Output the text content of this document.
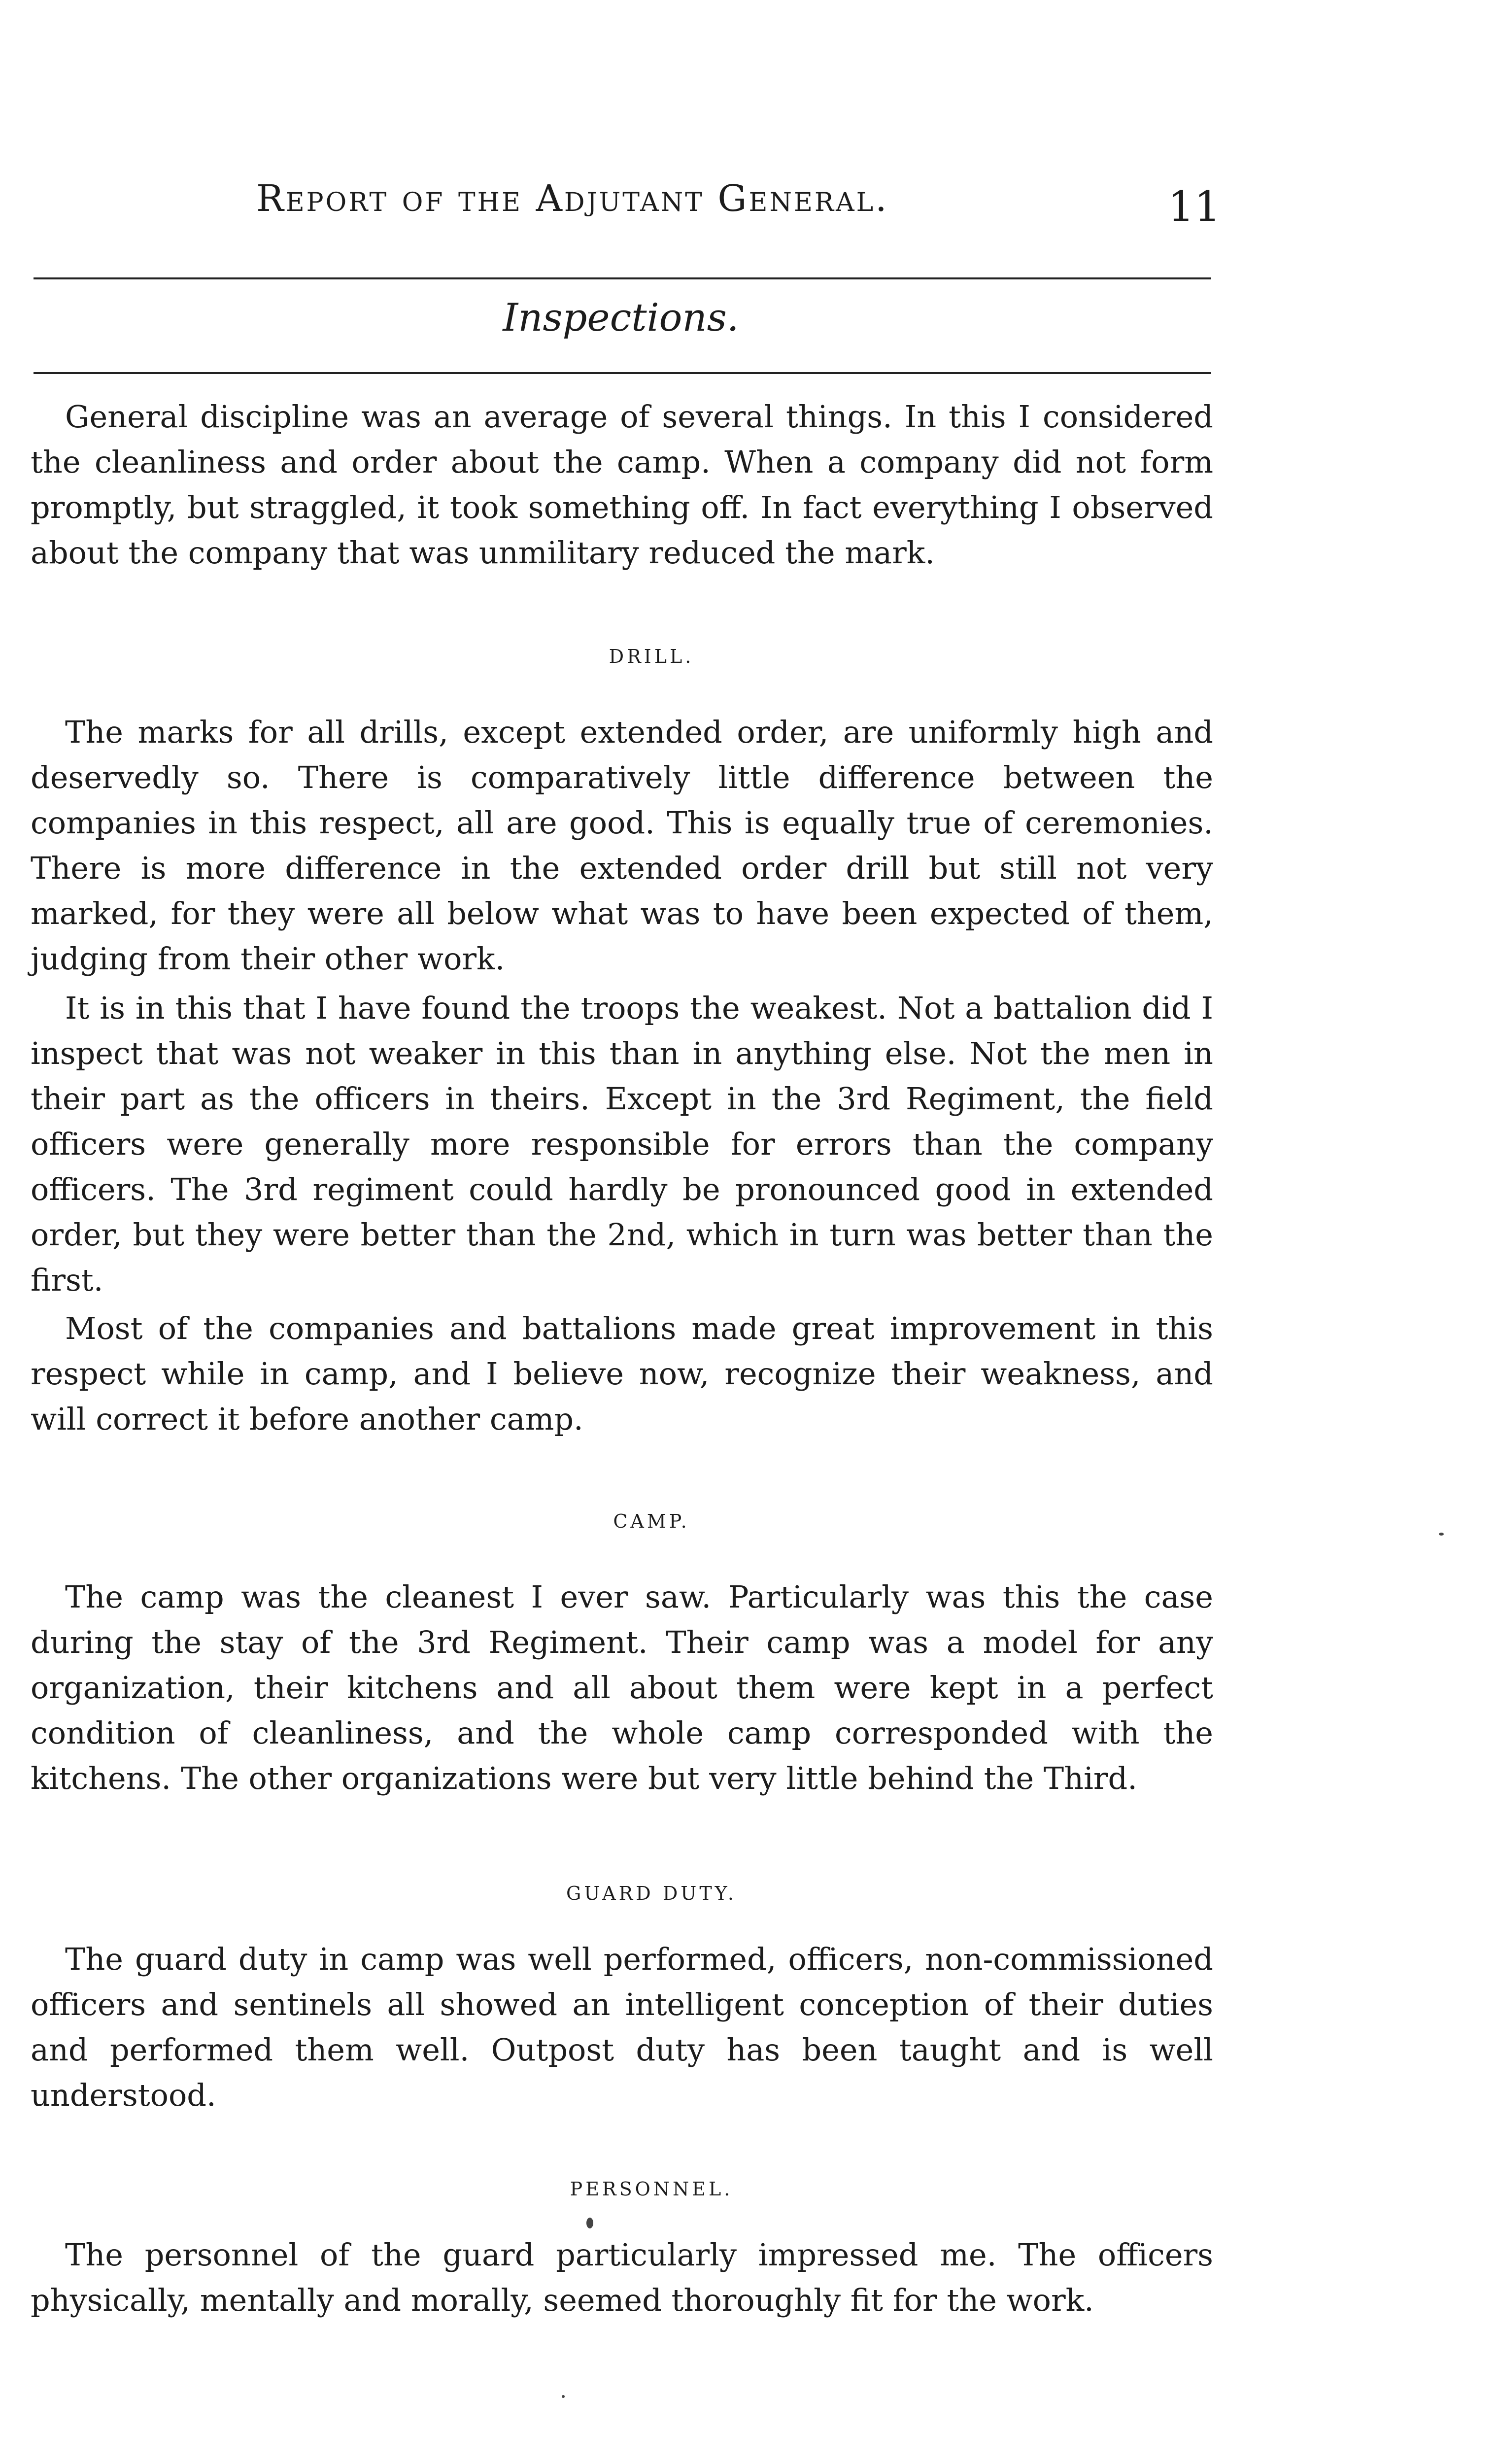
Report of the Adjutant General.	11
Inspections.

General discipline was an average of several things. In this I considered the cleanliness and order about the camp. When a company did not form promptly, but straggled, it took something off. In fact everything I observed about the company that was unmilitary reduced the mark.

DRILL.

The marks for all drills, except extended order, are uniformly high and deservedly so. There is comparatively little difference between the companies in this respect, all are good. This is equally true of ceremonies. There is more difference in the extended order drill but still not very marked, for they were all below what was to have been expected of them, judging from their other work.

It is in this that I have found the troops the weakest. Not a battalion did I inspect that was not weaker in this than in anything else. Not the men in their part as the officers in theirs. Except in the 3rd Regiment, the field officers were generally more responsible for errors than the company officers. The 3rd regiment could hardly be pronounced good in extended order, but they were better than the 2nd, which in turn was better than the first.

Most of the companies and battalions made great improvement in this respect while in camp, and I believe now, recognize their weakness, and will correct it before another camp.

CAMP.

The camp was the cleanest I ever saw. Particularly was this the case during the stay of the 3rd Regiment. Their camp was a model for any organization, their kitchens and all about them were kept in a perfect condition of cleanliness, and the whole camp corresponded with the kitchens. The other organizations were but very little behind the Third.

GUARD DUTY.

The guard duty in camp was well performed, officers, non-commissioned officers and sentinels all showed an intelligent conception of their duties and performed them well. Outpost duty has been taught and is well understood.

PERSONNEL.

The personnel of the guard particularly impressed me. The officers physically, mentally and morally, seemed thoroughly fit for the work.
